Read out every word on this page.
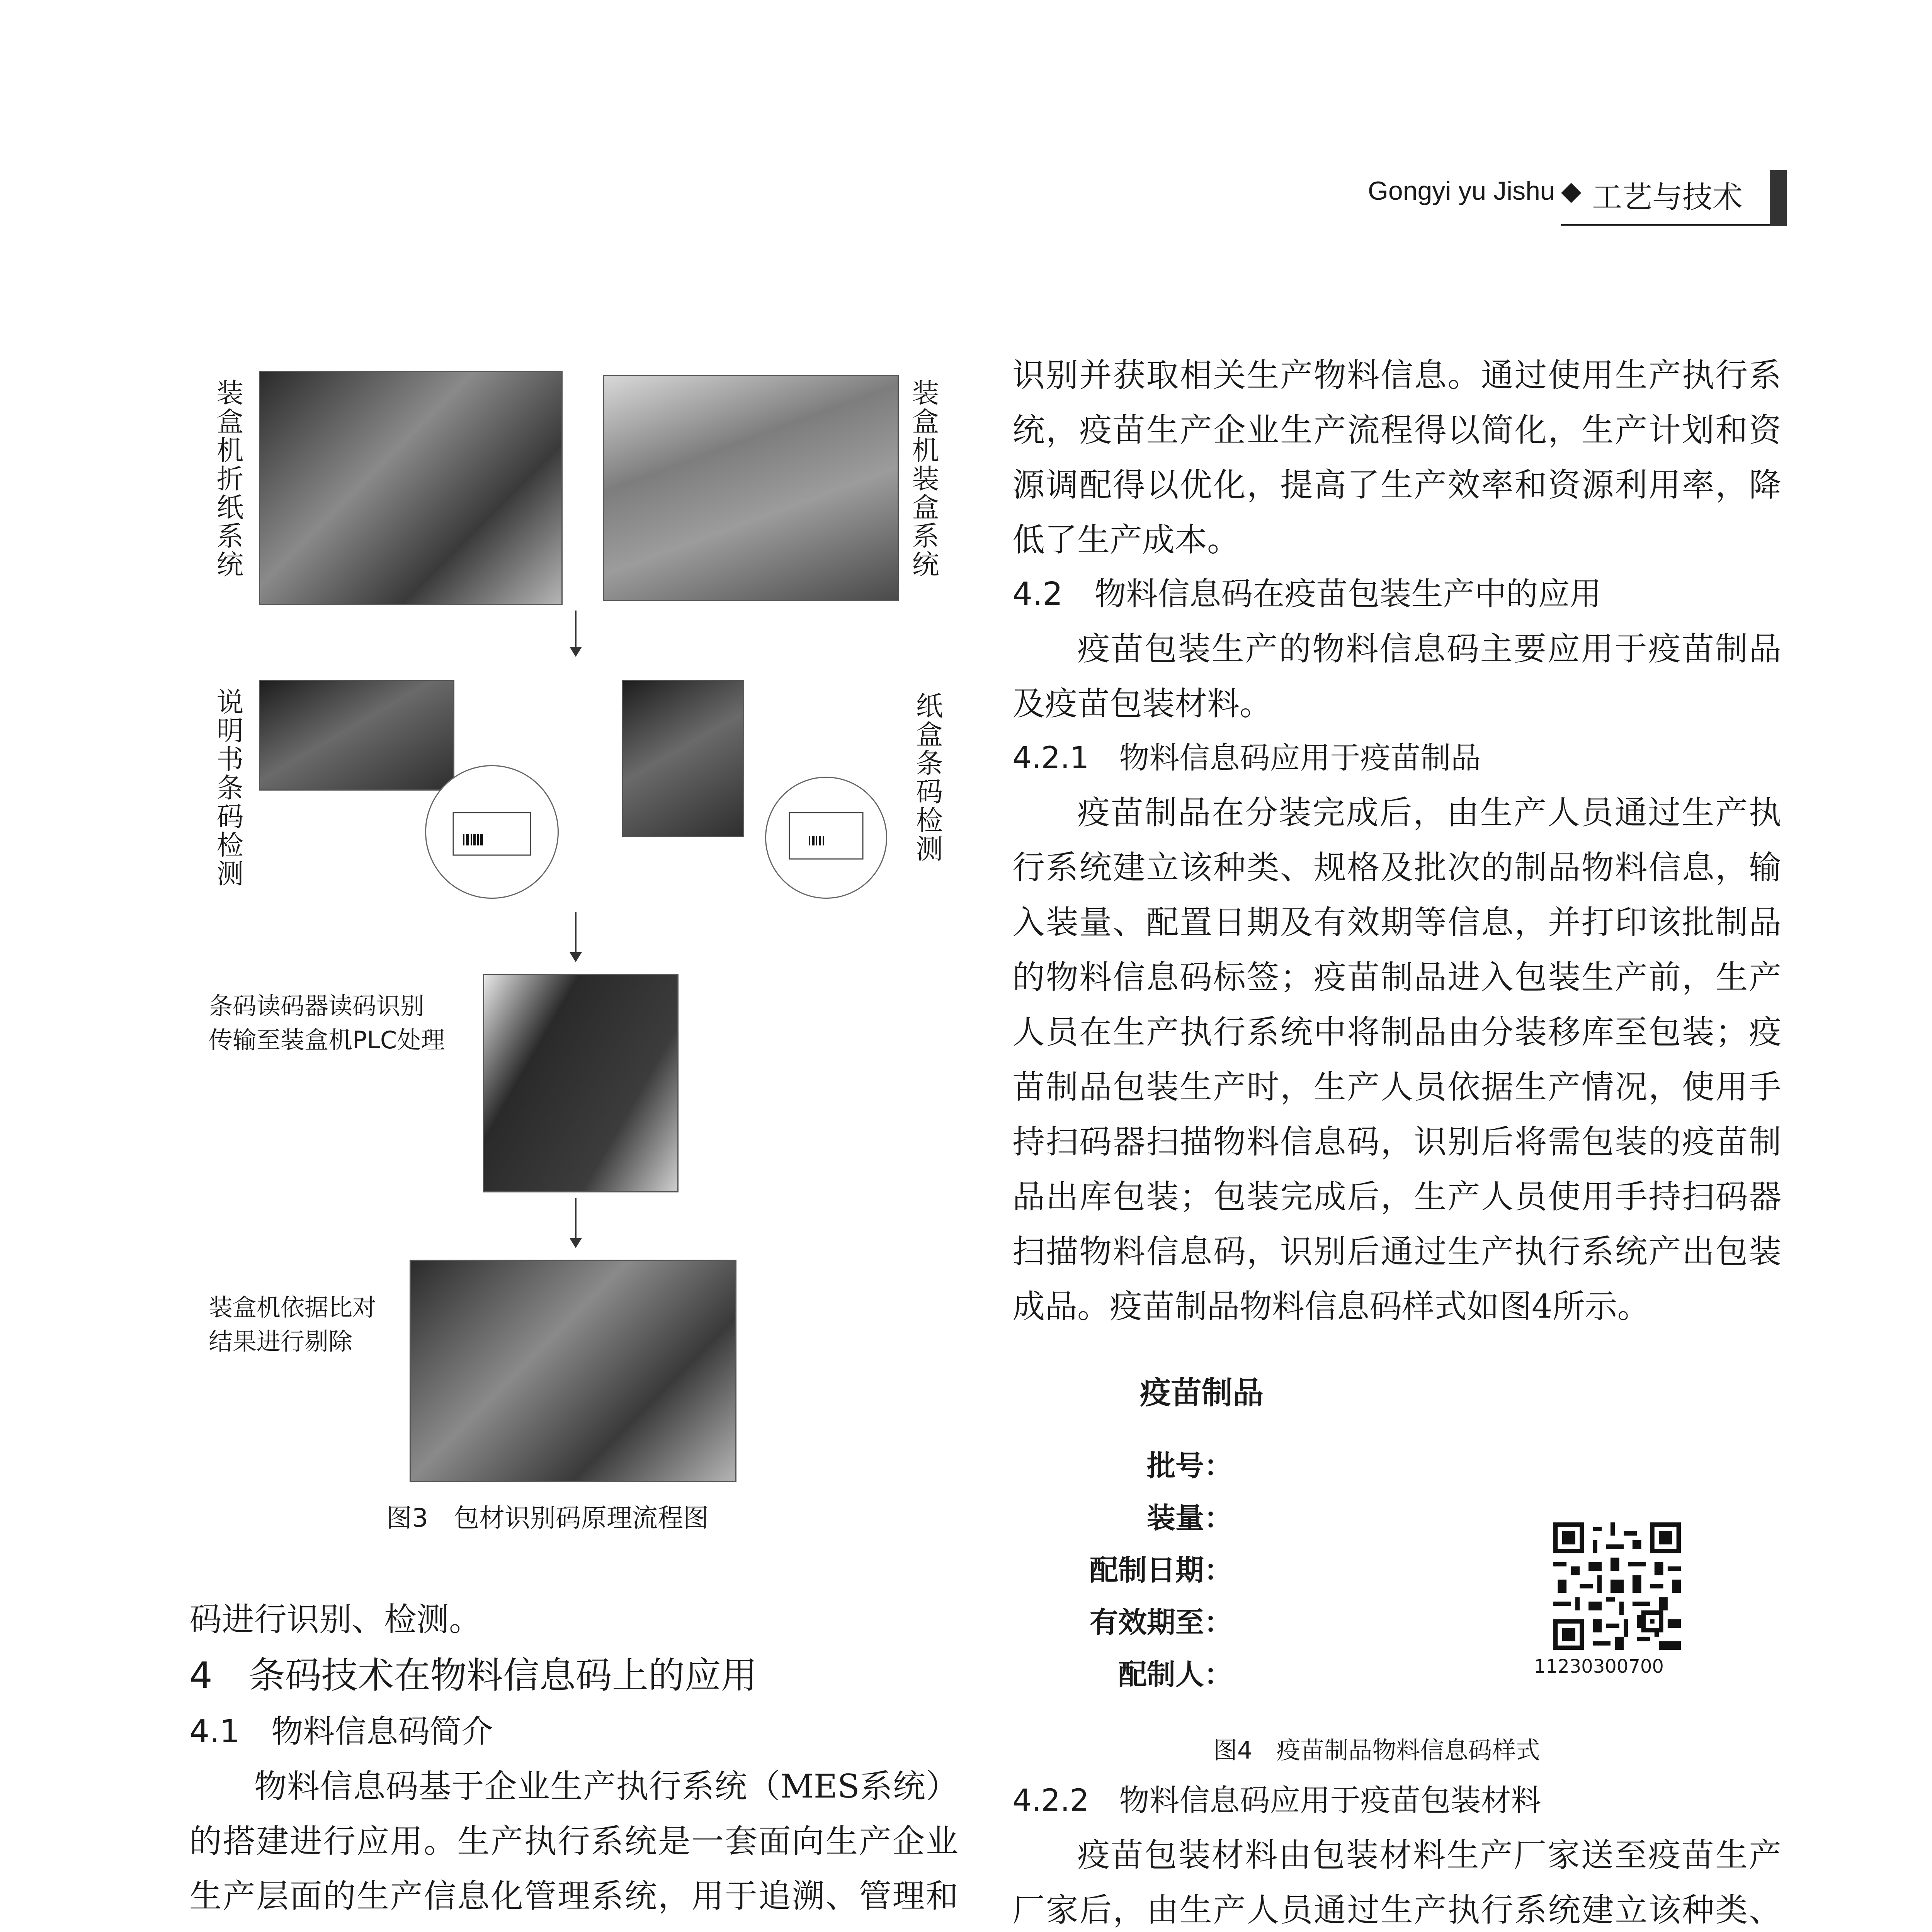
Gongyi yu Jishu ◆ 工艺与技术
装盒机折纸系统	装盒机装盒系统
说明书条码检测	纸盒条码检测
条码读码器读码识别
传输至装盒机PLC处理
装盒机依据比对
结果进行剔除
图3　包材识别码原理流程图

码进行识别、检测。

4　条码技术在物料信息码上的应用

4.1　物料信息码简介

物料信息码基于企业生产执行系统（MES系统）的搭建进行应用。生产执行系统是一套面向生产企业生产层面的生产信息化管理系统，用于追溯、管理和

识别并获取相关生产物料信息。通过使用生产执行系统，疫苗生产企业生产流程得以简化，生产计划和资源调配得以优化，提高了生产效率和资源利用率，降低了生产成本。

4.2　物料信息码在疫苗包装生产中的应用

疫苗包装生产的物料信息码主要应用于疫苗制品及疫苗包装材料。

4.2.1　物料信息码应用于疫苗制品

疫苗制品在分装完成后，由生产人员通过生产执行系统建立该种类、规格及批次的制品物料信息，输入装量、配置日期及有效期等信息，并打印该批制品的物料信息码标签；疫苗制品进入包装生产前，生产人员在生产执行系统中将制品由分装移库至包装；疫苗制品包装生产时，生产人员依据生产情况，使用手持扫码器扫描物料信息码，识别后将需包装的疫苗制品出库包装；包装完成后，生产人员使用手持扫码器扫描物料信息码，识别后通过生产执行系统产出包装成品。疫苗制品物料信息码样式如图4所示。

疫苗制品
批号：
装量：
配制日期：
有效期至：
配制人：	11230300700
图4　疫苗制品物料信息码样式

4.2.2　物料信息码应用于疫苗包装材料

疫苗包装材料由包装材料生产厂家送至疫苗生产厂家后，由生产人员通过生产执行系统建立该种类、
